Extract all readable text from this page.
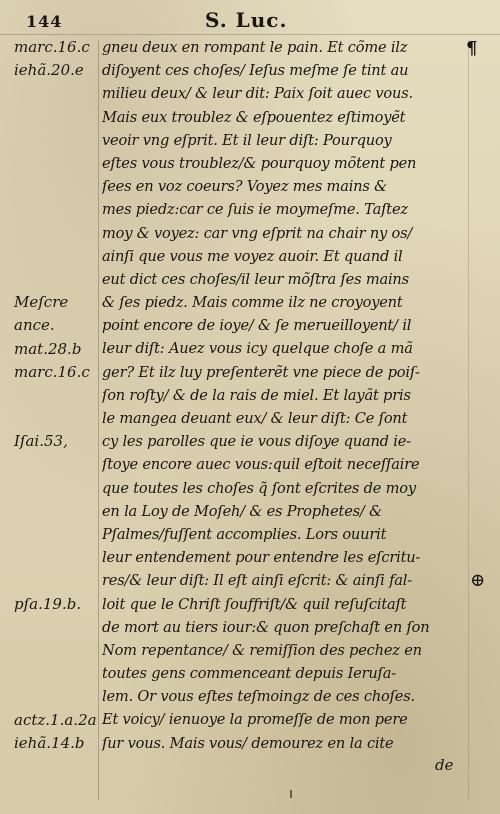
144	S. Luc.
¶
marc.16.c
iehã.20.e
Meſcre
ance.
mat.28.b
marc.16.c
Iſai.53,
pſa.19.b.
actz.1.a.2a
iehã.14.b
gneu deux en rompant le pain. Et cõme ilz
diſoyent ces choſes/ Ieſus meſme ſe tint au
milieu deux/ & leur dit: Paix ſoit auec vous.
Mais eux troublez & eſpouentez eſtimoyẽt
veoir vng eſprit. Et il leur diſt: Pourquoy
eſtes vous troublez/& pourquoy mõtent pen
ſees en voz coeurs? Voyez mes mains &
mes piedz:car ce ſuis ie moymeſme. Taſtez
moy & voyez: car vng eſprit na chair ny os/
ainſi que vous me voyez auoir. Et quand il
eut dict ces choſes/il leur mõſtra ſes mains
& ſes piedz. Mais comme ilz ne croyoyent
point encore de ioye/ & ſe merueilloyent/ il
leur diſt: Auez vous icy quelque choſe a mã
ger? Et ilz luy preſenterẽt vne piece de poiſ-
ſon roſty/ & de la rais de miel. Et layãt pris
le mangea deuant eux/ & leur diſt: Ce ſont
cy les parolles que ie vous diſoye quand ie-
ſtoye encore auec vous:quil eſtoit neceſſaire
que toutes les choſes q̃ ſont eſcrites de moy
en la Loy de Moſeh/ & es Prophetes/ &
Pſalmes/fuſſent accomplies. Lors ouurit
leur entendement pour entendre les eſcritu-
res/& leur diſt: Il eſt ainſi eſcrit: & ainſi fal-
loit que le Chriſt ſouffriſt/& quil reſuſcitaſt
de mort au tiers iour:& quon preſchaſt en ſon
Nom repentance/ & remiſſion des pechez en
toutes gens commenceant depuis Ieruſa-
lem. Or vous eſtes teſmoingz de ces choſes.
Et voicy/ ienuoye la promeſſe de mon pere
ſur vous. Mais vous/ demourez en la cite
⊕
de
